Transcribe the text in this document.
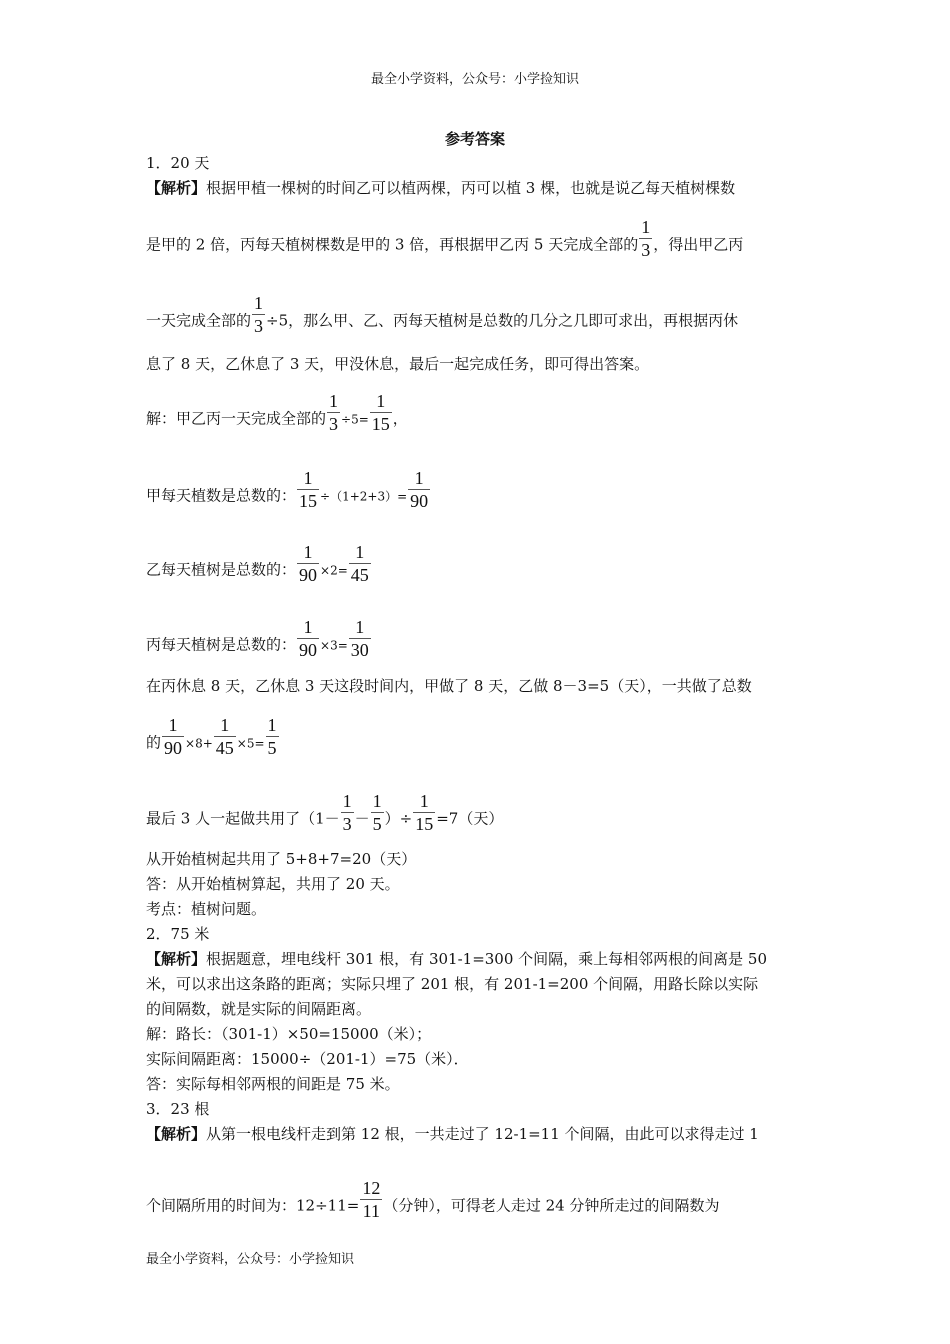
最全小学资料，公众号：小学捡知识
参考答案
1．20 天
【解析】根据甲植一棵树的时间乙可以植两棵，丙可以植 3 棵，也就是说乙每天植树棵数
是甲的 2 倍，丙每天植树棵数是甲的 3 倍，再根据甲乙丙 5 天完成全部的 $\frac{1}{3}$ ，得出甲乙丙
一天完成全部的 $\frac{1}{3} \div 5$，那么甲、乙、丙每天植树是总数的几分之几即可求出，再根据丙休
息了 8 天，乙休息了 3 天，甲没休息，最后一起完成任务，即可得出答案。
解：甲乙丙一天完成全部的 $\frac{1}{3} \div 5= \frac{1}{15}$ ，
甲每天植数是总数的： $\frac{1}{15} \div(1+2+3)= \frac{1}{90}$
乙每天植树是总数的： $\frac{1}{90} \times 2= \frac{1}{45}$
丙每天植树是总数的： $\frac{1}{90} \times 3= \frac{1}{30}$
在丙休息 8 天，乙休息 3 天这段时间内，甲做了 8 天，乙做 8－3=5（天），一共做了总数
的 $\frac{1}{90} \times 8+ \frac{1}{45} \times 5= \frac{1}{5}$
最后 3 人一起做共用了（$1- \frac{1}{3} - \frac{1}{5}$ ）÷ $\frac{1}{15} =7$（天）
从开始植树起共用了 5+8+7=20（天）
答：从开始植树算起，共用了 20 天。
考点：植树问题。
2．75 米
【解析】根据题意，埋电线杆 301 根，有 301-1=300 个间隔，乘上每相邻两根的间离是 50
米，可以求出这条路的距离；实际只埋了 201 根，有 201-1=200 个间隔，用路长除以实际
的间隔数，就是实际的间隔距离。
解：路长：（301-1）×50=15000（米）；
实际间隔距离：15000÷（201-1）=75（米）．
答：实际每相邻两根的间距是 75 米。
3．23 根
【解析】从第一根电线杆走到第 12 根，一共走过了 12-1=11 个间隔，由此可以求得走过 1
个间隔所用的时间为：$12\div 11= \frac{12}{11}$ （分钟），可得老人走过 24 分钟所走过的间隔数为
最全小学资料，公众号：小学捡知识
